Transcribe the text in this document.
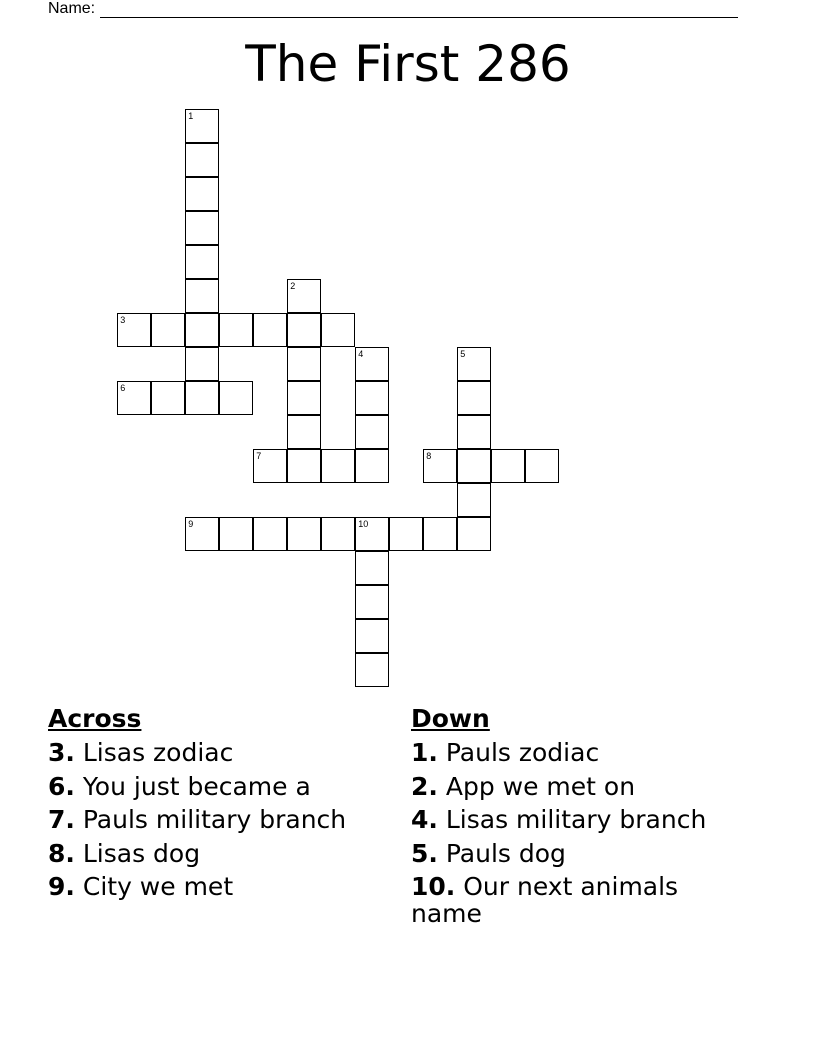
Name:
The First 286
1
2
3
4	5
6
7	8
9	10
Across
3. Lisas zodiac
6. You just became a
7. Pauls military branch
8. Lisas dog
9. City we met
Down
1. Pauls zodiac
2. App we met on
4. Lisas military branch
5. Pauls dog
10. Our next animals name
